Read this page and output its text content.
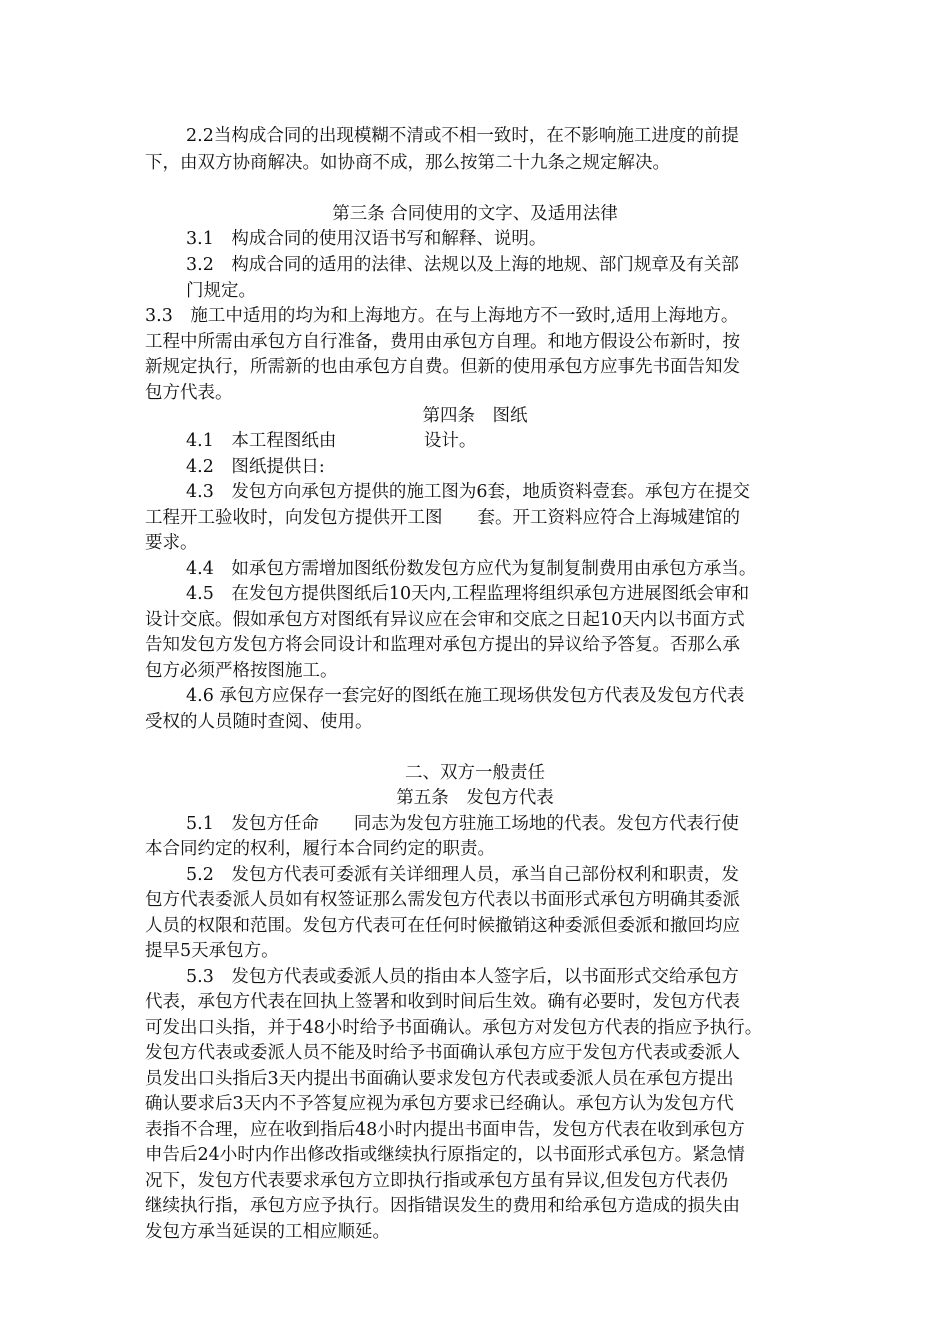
2.2当构成合同的出现模糊不清或不相一致时，在不影响施工进度的前提
下，由双方协商解决。如协商不成，那么按第二十九条之规定解决。
第三条 合同使用的文字、及适用法律
3.1　构成合同的使用汉语书写和解释、说明。
3.2　构成合同的适用的法律、法规以及上海的地规、部门规章及有关部
门规定。
3.3　施工中适用的均为和上海地方。在与上海地方不一致时,适用上海地方。
工程中所需由承包方自行准备，费用由承包方自理。和地方假设公布新时，按
新规定执行，所需新的也由承包方自费。但新的使用承包方应事先书面告知发
包方代表。
第四条　图纸
4.1　本工程图纸由　　　　　设计。
4.2　图纸提供日:
4.3　发包方向承包方提供的施工图为6套，地质资料壹套。承包方在提交
工程开工验收时，向发包方提供开工图　　套。开工资料应符合上海城建馆的
要求。
4.4　如承包方需增加图纸份数发包方应代为复制复制费用由承包方承当。
4.5　在发包方提供图纸后10天内,工程监理将组织承包方进展图纸会审和
设计交底。假如承包方对图纸有异议应在会审和交底之日起10天内以书面方式
告知发包方发包方将会同设计和监理对承包方提出的异议给予答复。否那么承
包方必须严格按图施工。
4.6 承包方应保存一套完好的图纸在施工现场供发包方代表及发包方代表
受权的人员随时查阅、使用。
二、双方一般责任
第五条　发包方代表
5.1　发包方任命　　同志为发包方驻施工场地的代表。发包方代表行使
本合同约定的权利，履行本合同约定的职责。
5.2　发包方代表可委派有关详细理人员，承当自己部份权利和职责，发
包方代表委派人员如有权签证那么需发包方代表以书面形式承包方明确其委派
人员的权限和范围。发包方代表可在任何时候撤销这种委派但委派和撤回均应
提早5天承包方。
5.3　发包方代表或委派人员的指由本人签字后，以书面形式交给承包方
代表，承包方代表在回执上签署和收到时间后生效。确有必要时，发包方代表
可发出口头指，并于48小时给予书面确认。承包方对发包方代表的指应予执行。
发包方代表或委派人员不能及时给予书面确认承包方应于发包方代表或委派人
员发出口头指后3天内提出书面确认要求发包方代表或委派人员在承包方提出
确认要求后3天内不予答复应视为承包方要求已经确认。承包方认为发包方代
表指不合理，应在收到指后48小时内提出书面申告，发包方代表在收到承包方
申告后24小时内作出修改指或继续执行原指定的，以书面形式承包方。紧急情
况下，发包方代表要求承包方立即执行指或承包方虽有异议,但发包方代表仍
继续执行指，承包方应予执行。因指错误发生的费用和给承包方造成的损失由
发包方承当延误的工相应顺延。
